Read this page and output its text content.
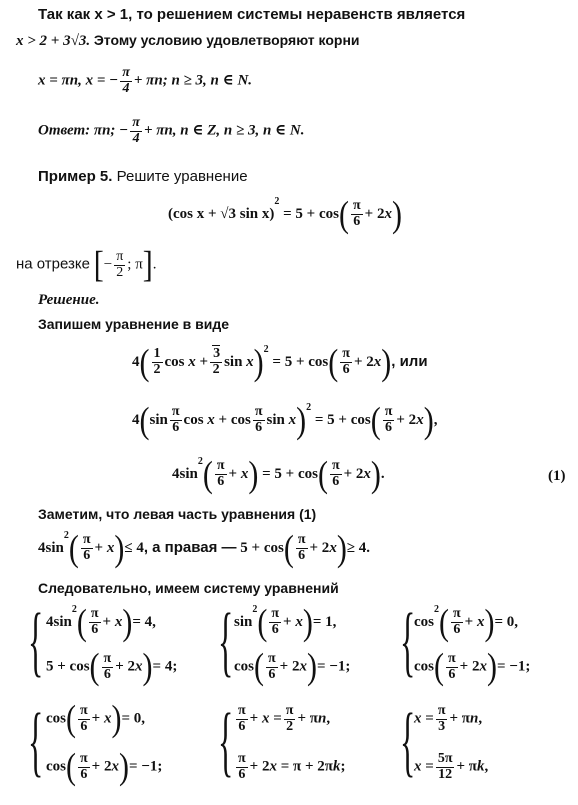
Так как x > 1, то решением системы неравенств является
x > 2 + 3√3. Этому условию удовлетворяют корни
x = πn, x = − $\frac{\pi}{4} + \pi n$; n ≥ 3, n ∈ N.
Ответ: πn; − $\frac{\pi}{4} + \pi n$, n ∈ Z, n ≥ 3, n ∈ N.
Пример 5. Решите уравнение
(cos x + √3 $\sin x)^2 = 5 + \cos( \frac{\pi}{6} + 2x)$
на отрезке [− $\frac{\pi}{2}$ ; π].
Решение.
Запишем уравнение в виде
$4( \frac{1}{2}$ $\cos x + \frac{3}{2}$ $\sin x)^2 = 5 + \cos( \frac{\pi}{6} + 2x)$, или
$4(\sin \frac{\pi}{6}$ $\cos x + \cos \frac{\pi}{6}$ $\sin x)^2 = 5 + \cos( \frac{\pi}{6} + 2x)$,
$4\sin^2( \frac{\pi}{6} + x) = 5 + \cos( \frac{\pi}{6} + 2x)$.	(1)
Заметим, что левая часть уравнения (1)
$4\sin^2( \frac{\pi}{6} + x)\le 4$, а правая — $5 + \cos( \frac{\pi}{6} + 2x)\ge 4$.
Следовательно, имеем систему уравнений
{ $4\sin^2( \frac{\pi}{6} + x)= 4$,
$5 + \cos( \frac{\pi}{6} + 2x)= 4$; { $\sin^2( \frac{\pi}{6} + x)= 1$,
$\cos( \frac{\pi}{6} + 2x)= -1$; {
$\cos^2( \frac{\pi}{6} + x)= 0$,
$\cos( \frac{\pi}{6} + 2x)= -1$;
{ $\cos( \frac{\pi}{6} + x)= 0$,
$\cos( \frac{\pi}{6} + 2x)= -1$; { $\frac{\pi}{6} + x = \frac{\pi}{2} + \pi n$,
$\frac{\pi}{6} + 2x = \pi + 2\pi k$; {
$x = \frac{\pi}{3} + \pi n$,
$x = \frac{5\pi}{12} + \pi k$,
